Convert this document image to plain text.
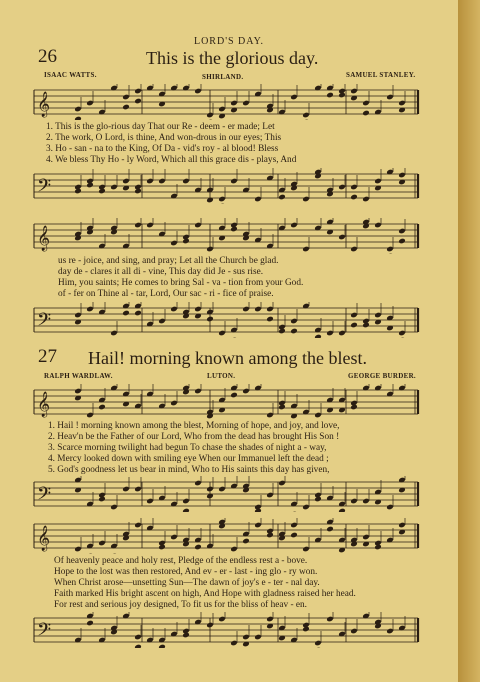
LORD'S DAY.
26	This is the glorious day.
ISAAC WATTS.	SHIRLAND.	SAMUEL STANLEY.
𝄞
1. This is the glo-rious day That our Re - deem - er made; Let
2. The work, O Lord, is thine, And won-drous in our eyes; This
3. Ho - san - na to the King, Of Da - vid's roy - al blood! Bless
4. We bless Thy Ho - ly Word, Which all this grace dis - plays, And
𝄢
𝄞
us re - joice, and sing, and pray; Let all the Church be glad.
day de - clares it all di - vine, This day did Je - sus rise.
Him, you saints; He comes to bring Sal - va - tion from your God.
of - fer on Thine al - tar, Lord, Our sac - ri - fice of praise.
𝄢
27 Hail! morning known among the blest.
RALPH WARDLAW.	LUTON.	GEORGE BURDER.
𝄞
1. Hail ! morning known among the blest, Morning of hope, and joy, and love,
2. Heav'n be the Father of our Lord, Who from the dead has brought His Son !
3. Scarce morning twilight had begun To chase the shades of night a - way,
4. Mercy looked down with smiling eye When our Immanuel left the dead ;
5. God's goodness let us bear in mind, Who to His saints this day has given,
𝄢
𝄞
Of heavenly peace and holy rest, Pledge of the endless rest a - bove.
Hope to the lost was then restored, And ev - er - last - ing glo - ry won.
When Christ arose—unsetting Sun—The dawn of joy's e - ter - nal day.
Faith marked His bright ascent on high, And Hope with gladness raised her head.
For rest and serious joy designed, To fit us for the bliss of heav - en.
𝄢
